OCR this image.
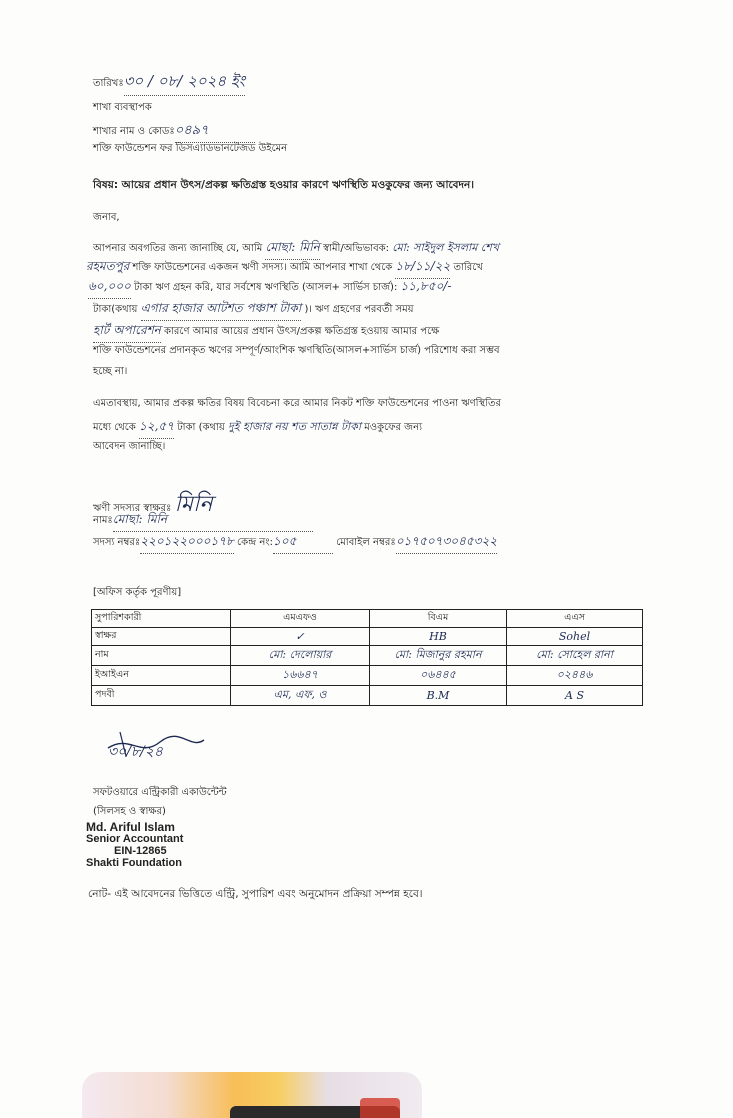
তারিখঃ৩০ / ০৮/ ২০২৪ ইং
শাখা ব্যবস্থাপক
শাখার নাম ও কোডঃ০৪৯৭
শক্তি ফাউন্ডেশন ফর ডিসএ্যাডভানটেজড উইমেন
বিষয়: আয়ের প্রধান উৎস/প্রকল্প ক্ষতিগ্রস্ত হওয়ার কারণে ঋণস্থিতি মওকুফের জন্য আবেদন।
জনাব,
আপনার অবগতির জন্য জানাচ্ছি যে, আমি মোছা: মিনি স্বামী/অভিভাবক: মো: সাইদুল ইসলাম শেখ
রহমতপুর শক্তি ফাউন্ডেশনের একজন ঋণী সদস্য। আমি আপনার শাখা থেকে ১৮/১১/২২ তারিখে
৬০,০০০ টাকা ঋণ গ্রহন করি, যার সর্বশেষ ঋণস্থিতি (আসল+ সার্ভিস চার্জ): ১১,৮৫০/-
টাকা(কথায় এগার হাজার আটশত পঞ্চাশ টাকা )। ঋণ গ্রহণের পরবর্তী সময়
হার্ট অপারেশন কারণে আমার আয়ের প্রধান উৎস/প্রকল্প ক্ষতিগ্রস্ত হওয়ায় আমার পক্ষে
শক্তি ফাউন্ডেশনের প্রদানকৃত ঋণের সম্পূর্ণ/আংশিক ঋণস্থিতি(আসল+সার্ভিস চার্জ) পরিশোধ করা সম্ভব
হচ্ছে না।
এমতাবস্থায়, আমার প্রকল্প ক্ষতির বিষয় বিবেচনা করে আমার নিকট শক্তি ফাউন্ডেশনের পাওনা ঋণস্থিতির
মধ্যে থেকে ১২,৫৭ টাকা (কথায় দুই হাজার নয় শত সাতান্ন টাকা মওকুফের জন্য
আবেদন জানাচ্ছি।
ঋণী সদস্যর স্বাক্ষরঃ মিনি
নামঃমোছা: মিনি
সদস্য নম্বরঃ২২০১২২০০০১৭৮ কেন্দ্র নং:১০৫	মোবাইল নম্বরঃ০১৭৫০৭৩০৪৫৩২২
[অফিস কর্তৃক পূরণীয়]
সুপারিশকারী	এমএফও	বিএম	এএস
স্বাক্ষর	✓	HB	Sohel
নাম	মো: দেলোয়ার	মো: মিজানুর রহমান	মো: সোহেল রানা
ইআইএন	১৬৬৪৭	০৬৪৪৫	০২৪৪৬
পদবী	এম, এফ, ও	B.M	A S
৩০/৮/২৪
সফটওয়ারে এন্ট্রিকারী একাউন্টেন্ট
(সিলসহ ও স্বাক্ষর)
Md. Ariful Islam
Senior Accountant
EIN-12865
Shakti Foundation
নোট- এই আবেদনের ভিত্তিতে এন্ট্রি, সুপারিশ এবং অনুমোদন প্রক্রিয়া সম্পন্ন হবে।
